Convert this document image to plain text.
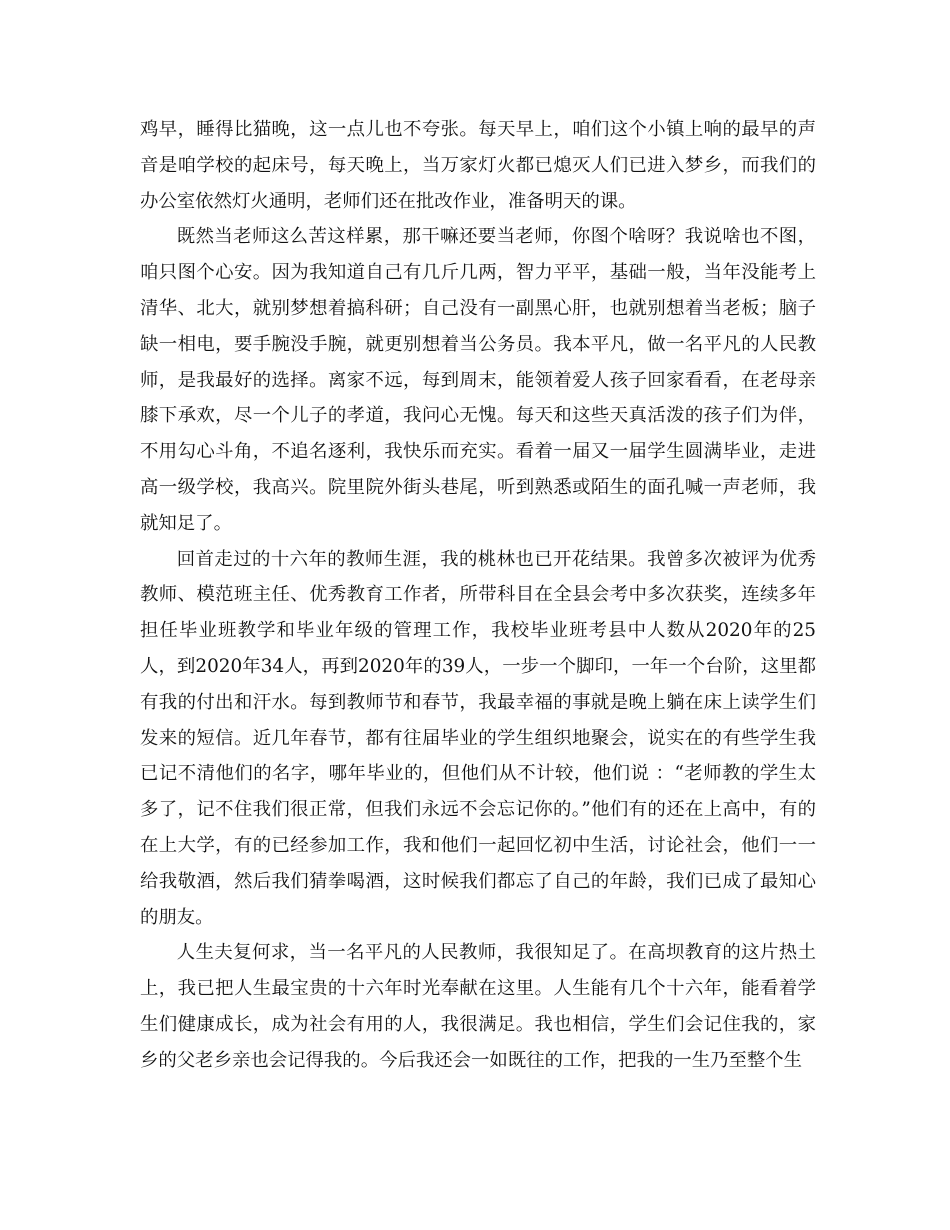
鸡早，睡得比猫晚，这一点儿也不夸张。每天早上，咱们这个小镇上响的最早的声音是咱学校的起床号，每天晚上，当万家灯火都已熄灭人们已进入梦乡，而我们的办公室依然灯火通明，老师们还在批改作业，准备明天的课。

既然当老师这么苦这样累，那干嘛还要当老师，你图个啥呀？我说啥也不图，咱只图个心安。因为我知道自己有几斤几两，智力平平，基础一般，当年没能考上清华、北大，就别梦想着搞科研；自己没有一副黑心肝，也就别想着当老板；脑子缺一相电，要手腕没手腕，就更别想着当公务员。我本平凡，做一名平凡的人民教师，是我最好的选择。离家不远，每到周末，能领着爱人孩子回家看看，在老母亲膝下承欢，尽一个儿子的孝道，我问心无愧。每天和这些天真活泼的孩子们为伴，不用勾心斗角，不追名逐利，我快乐而充实。看着一届又一届学生圆满毕业，走进高一级学校，我高兴。院里院外街头巷尾，听到熟悉或陌生的面孔喊一声老师，我就知足了。

回首走过的十六年的教师生涯，我的桃林也已开花结果。我曾多次被评为优秀教师、模范班主任、优秀教育工作者，所带科目在全县会考中多次获奖，连续多年担任毕业班教学和毕业年级的管理工作，我校毕业班考县中人数从2020年的25人，到2020年34人，再到2020年的39人，一步一个脚印，一年一个台阶，这里都有我的付出和汗水。每到教师节和春节，我最幸福的事就是晚上躺在床上读学生们发来的短信。近几年春节，都有往届毕业的学生组织地聚会，说实在的有些学生我已记不清他们的名字，哪年毕业的，但他们从不计较，他们说 ：“老师教的学生太多了，记不住我们很正常，但我们永远不会忘记你的。”他们有的还在上高中，有的在上大学，有的已经参加工作，我和他们一起回忆初中生活，讨论社会，他们一一给我敬酒，然后我们猜拳喝酒，这时候我们都忘了自己的年龄，我们已成了最知心的朋友。

人生夫复何求，当一名平凡的人民教师，我很知足了。在高坝教育的这片热土上，我已把人生最宝贵的十六年时光奉献在这里。人生能有几个十六年，能看着学生们健康成长，成为社会有用的人，我很满足。我也相信，学生们会记住我的，家乡的父老乡亲也会记得我的。今后我还会一如既往的工作，把我的一生乃至整个生
